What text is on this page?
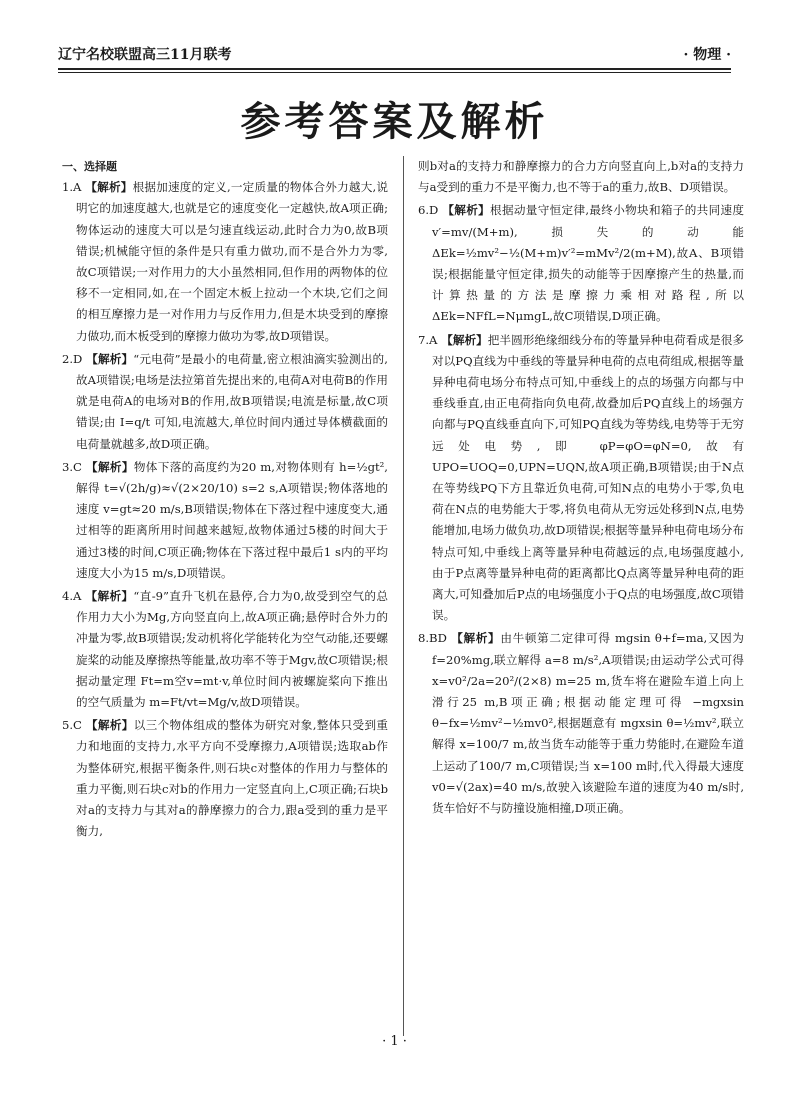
辽宁名校联盟高三11月联考	· 物理 ·
参考答案及解析
一、选择题
1.A 【解析】根据加速度的定义,一定质量的物体合外力越大,说明它的加速度越大,也就是它的速度变化一定越快,故A项正确;物体运动的速度大可以是匀速直线运动,此时合力为0,故B项错误;机械能守恒的条件是只有重力做功,而不是合外力为零,故C项错误;一对作用力的大小虽然相同,但作用的两物体的位移不一定相同,如,在一个固定木板上拉动一个木块,它们之间的相互摩擦力是一对作用力与反作用力,但是木块受到的摩擦力做功,而木板受到的摩擦力做功为零,故D项错误。
2.D 【解析】“元电荷”是最小的电荷量,密立根油滴实验测出的,故A项错误;电场是法拉第首先提出来的,电荷A对电荷B的作用就是电荷A的电场对B的作用,故B项错误;电流是标量,故C项错误;由 I=q/t 可知,电流越大,单位时间内通过导体横截面的电荷量就越多,故D项正确。
3.C 【解析】物体下落的高度约为20 m,对物体则有 h=½gt²,解得 t=√(2h/g)≈√(2×20/10) s=2 s,A项错误;物体落地的速度 v=gt≈20 m/s,B项错误;物体在下落过程中速度变大,通过相等的距离所用时间越来越短,故物体通过5楼的时间大于通过3楼的时间,C项正确;物体在下落过程中最后1 s内的平均速度大小为15 m/s,D项错误。
4.A 【解析】“直-9”直升飞机在悬停,合力为0,故受到空气的总作用力大小为Mg,方向竖直向上,故A项正确;悬停时合外力的冲量为零,故B项错误;发动机将化学能转化为空气动能,还要螺旋桨的动能及摩擦热等能量,故功率不等于Mgv,故C项错误;根据动量定理 Ft=m空v=mt·v,单位时间内被螺旋桨向下推出的空气质量为 m=Ft/vt=Mg/v,故D项错误。
5.C 【解析】以三个物体组成的整体为研究对象,整体只受到重力和地面的支持力,水平方向不受摩擦力,A项错误;选取ab作为整体研究,根据平衡条件,则石块c对整体的作用力与整体的重力平衡,则石块c对b的作用力一定竖直向上,C项正确;石块b对a的支持力与其对a的静摩擦力的合力,跟a受到的重力是平衡力,
则b对a的支持力和静摩擦力的合力方向竖直向上,b对a的支持力与a受到的重力不是平衡力,也不等于a的重力,故B、D项错误。
6.D 【解析】根据动量守恒定律,最终小物块和箱子的共同速度 v′=mv/(M+m),损失的动能 ΔEk=½mv²−½(M+m)v′²=mMv²/2(m+M),故A、B项错误;根据能量守恒定律,损失的动能等于因摩擦产生的热量,而计算热量的方法是摩擦力乘相对路程,所以 ΔEk=NFfL=NμmgL,故C项错误,D项正确。
7.A 【解析】把半圆形绝缘细线分布的等量异种电荷看成是很多对以PQ直线为中垂线的等量异种电荷的点电荷组成,根据等量异种电荷电场分布特点可知,中垂线上的点的场强方向都与中垂线垂直,由正电荷指向负电荷,故叠加后PQ直线上的场强方向都与PQ直线垂直向下,可知PQ直线为等势线,电势等于无穷远处电势,即 φP=φO=φN=0,故有 UPO=UOQ=0,UPN=UQN,故A项正确,B项错误;由于N点在等势线PQ下方且靠近负电荷,可知N点的电势小于零,负电荷在N点的电势能大于零,将负电荷从无穷远处移到N点,电势能增加,电场力做负功,故D项错误;根据等量异种电荷电场分布特点可知,中垂线上离等量异种电荷越远的点,电场强度越小,由于P点离等量异种电荷的距离都比Q点离等量异种电荷的距离大,可知叠加后P点的电场强度小于Q点的电场强度,故C项错误。
8.BD 【解析】由牛顿第二定律可得 mgsin θ+f=ma,又因为 f=20%mg,联立解得 a=8 m/s²,A项错误;由运动学公式可得 x=v0²/2a=20²/(2×8) m=25 m,货车将在避险车道上向上滑行25 m,B项正确;根据动能定理可得 −mgxsin θ−fx=½mv²−½mv0²,根据题意有 mgxsin θ=½mv²,联立解得 x=100/7 m,故当货车动能等于重力势能时,在避险车道上运动了100/7 m,C项错误;当 x=100 m时,代入得最大速度 v0=√(2ax)=40 m/s,故驶入该避险车道的速度为40 m/s时,货车恰好不与防撞设施相撞,D项正确。
· 1 ·
